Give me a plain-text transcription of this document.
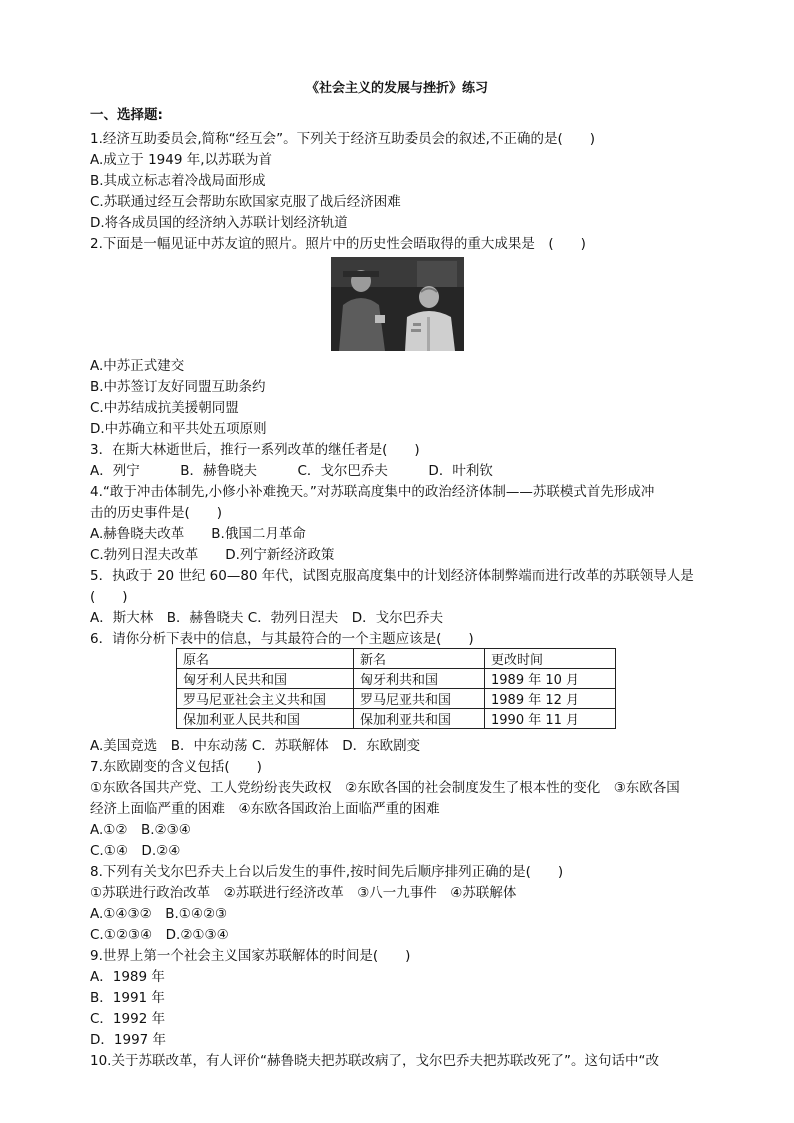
《社会主义的发展与挫折》练习
一、选择题:
1.经济互助委员会,简称“经互会”。下列关于经济互助委员会的叙述,不正确的是(　　)
A.成立于 1949 年,以苏联为首
B.其成立标志着冷战局面形成
C.苏联通过经互会帮助东欧国家克服了战后经济困难
D.将各成员国的经济纳入苏联计划经济轨道
2.下面是一幅见证中苏友谊的照片。照片中的历史性会晤取得的重大成果是　(　　)
A.中苏正式建交
B.中苏签订友好同盟互助条约
C.中苏结成抗美援朝同盟
D.中苏确立和平共处五项原则
3．在斯大林逝世后，推行一系列改革的继任者是(　　)
A．列宁　　　B．赫鲁晓夫　　　C．戈尔巴乔夫　　　D．叶利钦
4.“敢于冲击体制先,小修小补难挽天。”对苏联高度集中的政治经济体制——苏联模式首先形成冲
击的历史事件是(　　)
A.赫鲁晓夫改革　　B.俄国二月革命
C.勃列日涅夫改革　　D.列宁新经济政策
5．执政于 20 世纪 60—80 年代，试图克服高度集中的计划经济体制弊端而进行改革的苏联领导人是
(　　)
A．斯大林　B．赫鲁晓夫 C．勃列日涅夫　D．戈尔巴乔夫
6．请你分析下表中的信息，与其最符合的一个主题应该是(　　)
原名	新名	更改时间
匈牙利人民共和国	匈牙利共和国	1989 年 10 月
罗马尼亚社会主义共和国	罗马尼亚共和国	1989 年 12 月
保加利亚人民共和国	保加利亚共和国	1990 年 11 月
A.美国竞选　B．中东动荡 C．苏联解体　D．东欧剧变
7.东欧剧变的含义包括(　　)
①东欧各国共产党、工人党纷纷丧失政权　②东欧各国的社会制度发生了根本性的变化　③东欧各国
经济上面临严重的困难　④东欧各国政治上面临严重的困难
A.①②　B.②③④
C.①④　D.②④
8.下列有关戈尔巴乔夫上台以后发生的事件,按时间先后顺序排列正确的是(　　)
①苏联进行政治改革　②苏联进行经济改革　③八一九事件　④苏联解体
A.①④③②　B.①④②③
C.①②③④　D.②①③④
9.世界上第一个社会主义国家苏联解体的时间是(　　)
A．1989 年
B．1991 年
C．1992 年
D．1997 年
10.关于苏联改革，有人评价“赫鲁晓夫把苏联改病了，戈尔巴乔夫把苏联改死了”。这句话中“改
